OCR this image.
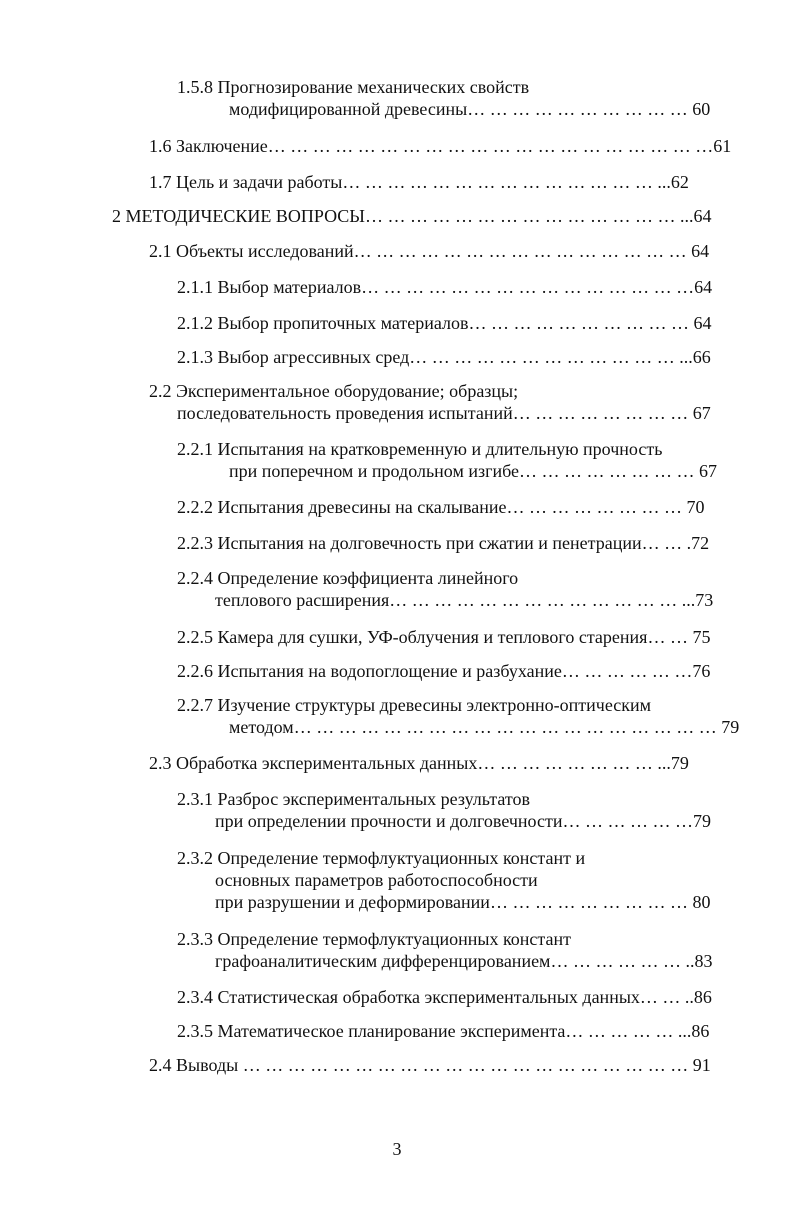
1.5.8 Прогнозирование механических свойств
модифицированной древесины… … … … … … … … … … 60
1.6 Заключение… … … … … … … … … … … … … … … … … … … …61
1.7 Цель и задачи работы… … … … … … … … … … … … … … ...62
2 МЕТОДИЧЕСКИЕ ВОПРОСЫ… … … … … … … … … … … … … … ...64
2.1 Объекты исследований… … … … … … … … … … … … … … … 64
2.1.1 Выбор материалов… … … … … … … … … … … … … … …64
2.1.2 Выбор пропиточных материалов… … … … … … … … … … 64
2.1.3 Выбор агрессивных сред… … … … … … … … … … … … ...66
2.2 Экспериментальное оборудование; образцы;
последовательность проведения испытаний… … … … … … … … 67
2.2.1 Испытания на кратковременную и длительную прочность
при поперечном и продольном изгибе… … … … … … … … 67
2.2.2 Испытания древесины на скалывание… … … … … … … … 70
2.2.3 Испытания на долговечность при сжатии и пенетрации… … .72
2.2.4 Определение коэффициента линейного
теплового расширения… … … … … … … … … … … … … ...73
2.2.5 Камера для сушки, УФ-облучения и теплового старения… … 75
2.2.6 Испытания на водопоглощение и разбухание… … … … … …76
2.2.7 Изучение структуры древесины электронно-оптическим
методом… … … … … … … … … … … … … … … … … … … 79
2.3 Обработка экспериментальных данных… … … … … … … … ...79
2.3.1 Разброс экспериментальных результатов
при определении прочности и долговечности… … … … … …79
2.3.2 Определение термофлуктуационных констант и
основных параметров работоспособности
при разрушении и деформировании… … … … … … … … … 80
2.3.3 Определение термофлуктуационных констант
графоаналитическим дифференцированием… … … … … … ..83
2.3.4 Статистическая обработка экспериментальных данных… … ..86
2.3.5 Математическое планирование эксперимента… … … … … ...86
2.4 Выводы … … … … … … … … … … … … … … … … … … … … 91
3
